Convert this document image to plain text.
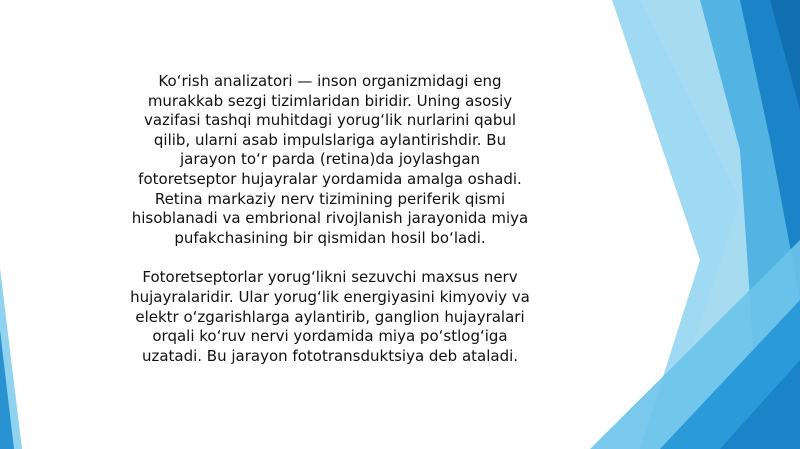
Ko‘rish analizatori — inson organizmidagi eng murakkab sezgi tizimlaridan biridir. Uning asosiy vazifasi tashqi muhitdagi yorug‘lik nurlarini qabul qilib, ularni asab impulslariga aylantirishdir. Bu jarayon to‘r parda (retina)da joylashgan fotoretseptor hujayralar yordamida amalga oshadi. Retina markaziy nerv tizimining periferik qismi hisoblanadi va embrional rivojlanish jarayonida miya pufakchasining bir qismidan hosil bo‘ladi.

Fotoretseptorlar yorug‘likni sezuvchi maxsus nerv hujayralaridir. Ular yorug‘lik energiyasini kimyoviy va elektr o‘zgarishlarga aylantirib, ganglion hujayralari orqali ko‘ruv nervi yordamida miya po‘stlog‘iga uzatadi. Bu jarayon fototransduktsiya deb ataladi.
